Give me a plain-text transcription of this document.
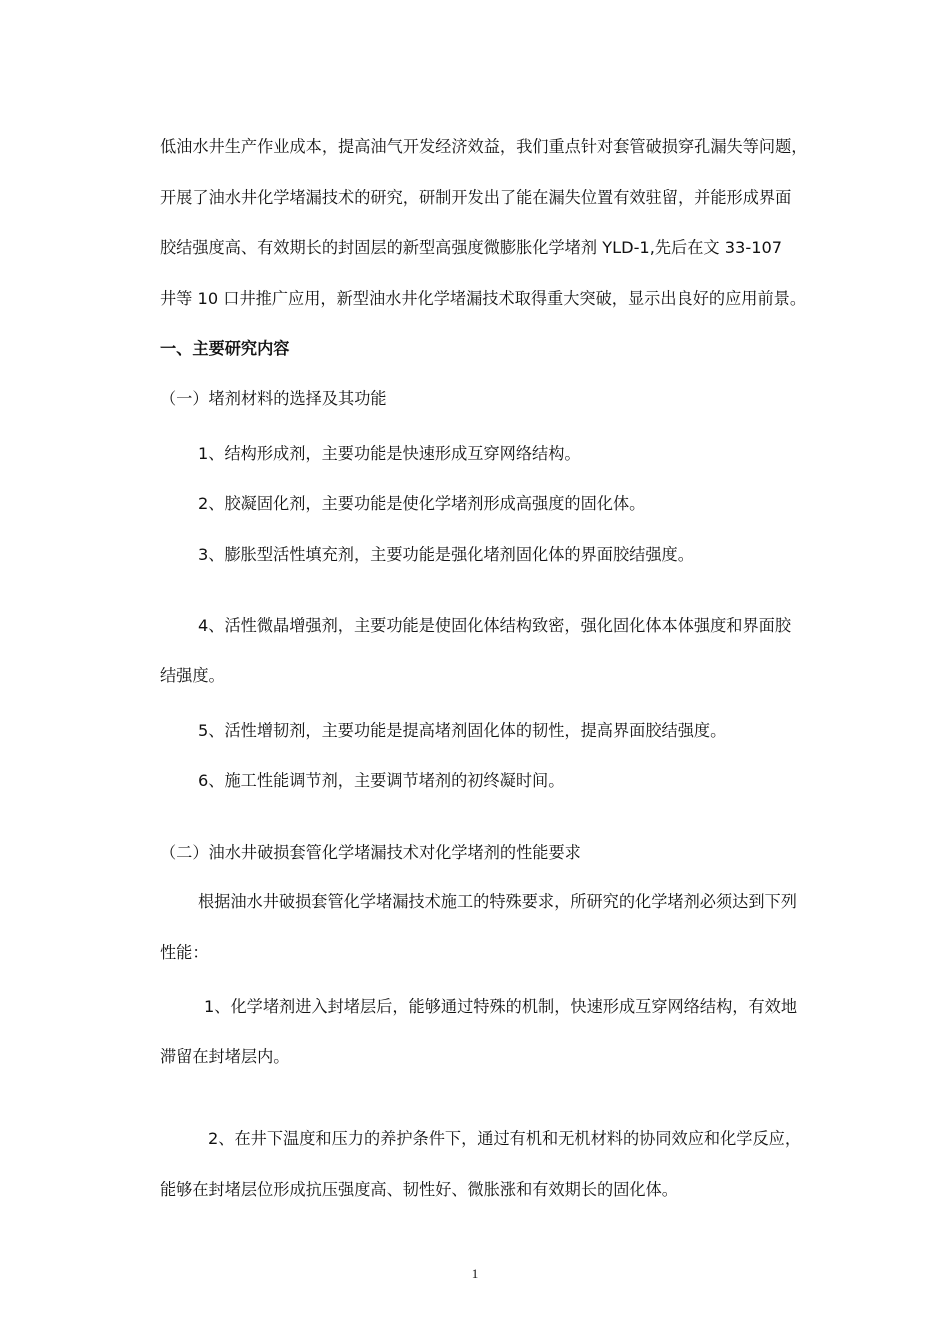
低油水井生产作业成本，提高油气开发经济效益，我们重点针对套管破损穿孔漏失等问题，

开展了油水井化学堵漏技术的研究，研制开发出了能在漏失位置有效驻留，并能形成界面

胶结强度高、有效期长的封固层的新型高强度微膨胀化学堵剂 YLD-1,先后在文 33-107

井等 10 口井推广应用，新型油水井化学堵漏技术取得重大突破，显示出良好的应用前景。

一、主要研究内容

（一）堵剂材料的选择及其功能

1、结构形成剂，主要功能是快速形成互穿网络结构。

2、胶凝固化剂，主要功能是使化学堵剂形成高强度的固化体。

3、膨胀型活性填充剂，主要功能是强化堵剂固化体的界面胶结强度。

4、活性微晶增强剂，主要功能是使固化体结构致密，强化固化体本体强度和界面胶

结强度。

5、活性增韧剂，主要功能是提高堵剂固化体的韧性，提高界面胶结强度。

6、施工性能调节剂，主要调节堵剂的初终凝时间。

（二）油水井破损套管化学堵漏技术对化学堵剂的性能要求

根据油水井破损套管化学堵漏技术施工的特殊要求，所研究的化学堵剂必须达到下列

性能：

1、化学堵剂进入封堵层后，能够通过特殊的机制，快速形成互穿网络结构，有效地

滞留在封堵层内。

2、在井下温度和压力的养护条件下，通过有机和无机材料的协同效应和化学反应，

能够在封堵层位形成抗压强度高、韧性好、微胀涨和有效期长的固化体。

1
